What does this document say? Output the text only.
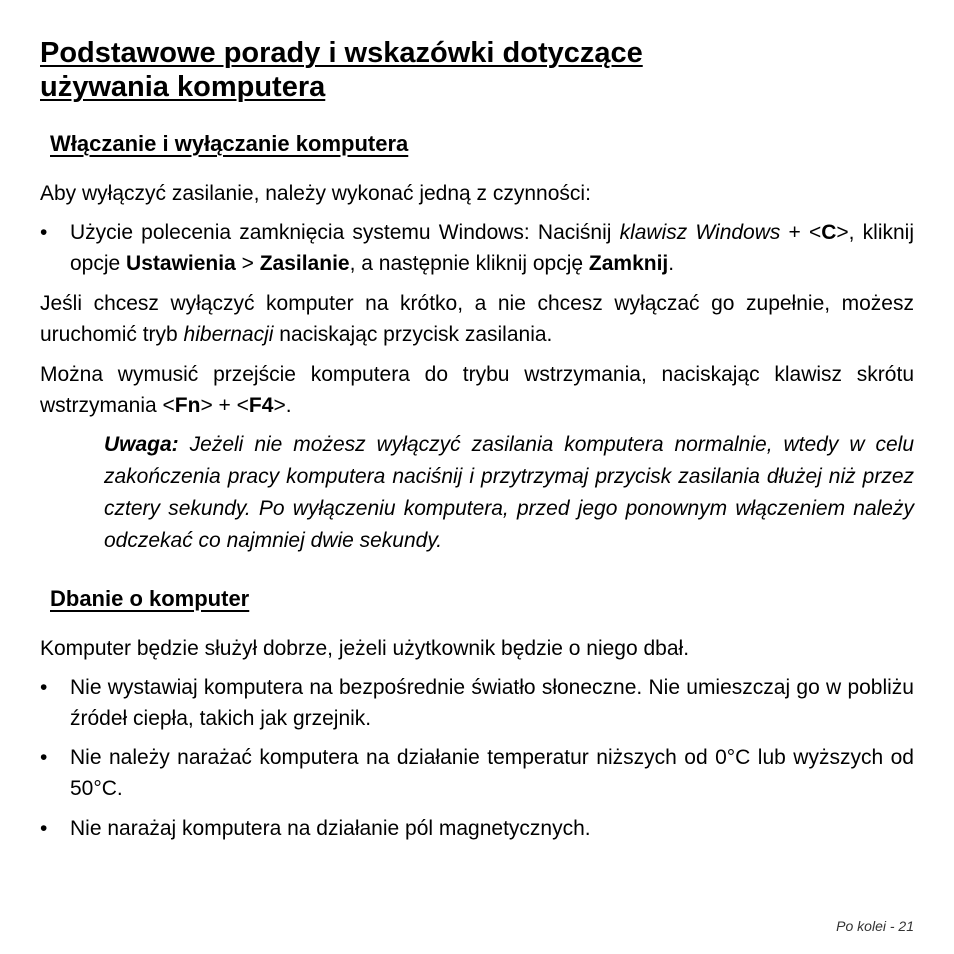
Podstawowe porady i wskazówki dotyczące
używania komputera
Włączanie i wyłączanie komputera

Aby wyłączyć zasilanie, należy wykonać jedną z czynności:

• Użycie polecenia zamknięcia systemu Windows: Naciśnij klawisz Windows + <C>, kliknij opcje Ustawienia > Zasilanie, a następnie kliknij opcję Zamknij.

Jeśli chcesz wyłączyć komputer na krótko, a nie chcesz wyłączać go zupełnie, możesz uruchomić tryb hibernacji naciskając przycisk zasilania.

Można wymusić przejście komputera do trybu wstrzymania, naciskając klawisz skrótu wstrzymania <Fn> + <F4>.

Uwaga: Jeżeli nie możesz wyłączyć zasilania komputera normalnie, wtedy w celu zakończenia pracy komputera naciśnij i przytrzymaj przycisk zasilania dłużej niż przez cztery sekundy. Po wyłączeniu komputera, przed jego ponownym włączeniem należy odczekać co najmniej dwie sekundy.

Dbanie o komputer

Komputer będzie służył dobrze, jeżeli użytkownik będzie o niego dbał.

• Nie wystawiaj komputera na bezpośrednie światło słoneczne. Nie umieszczaj go w pobliżu źródeł ciepła, takich jak grzejnik.
• Nie należy narażać komputera na działanie temperatur niższych od 0°C lub wyższych od 50°C.
• Nie narażaj komputera na działanie pól magnetycznych.
Po kolei - 21
